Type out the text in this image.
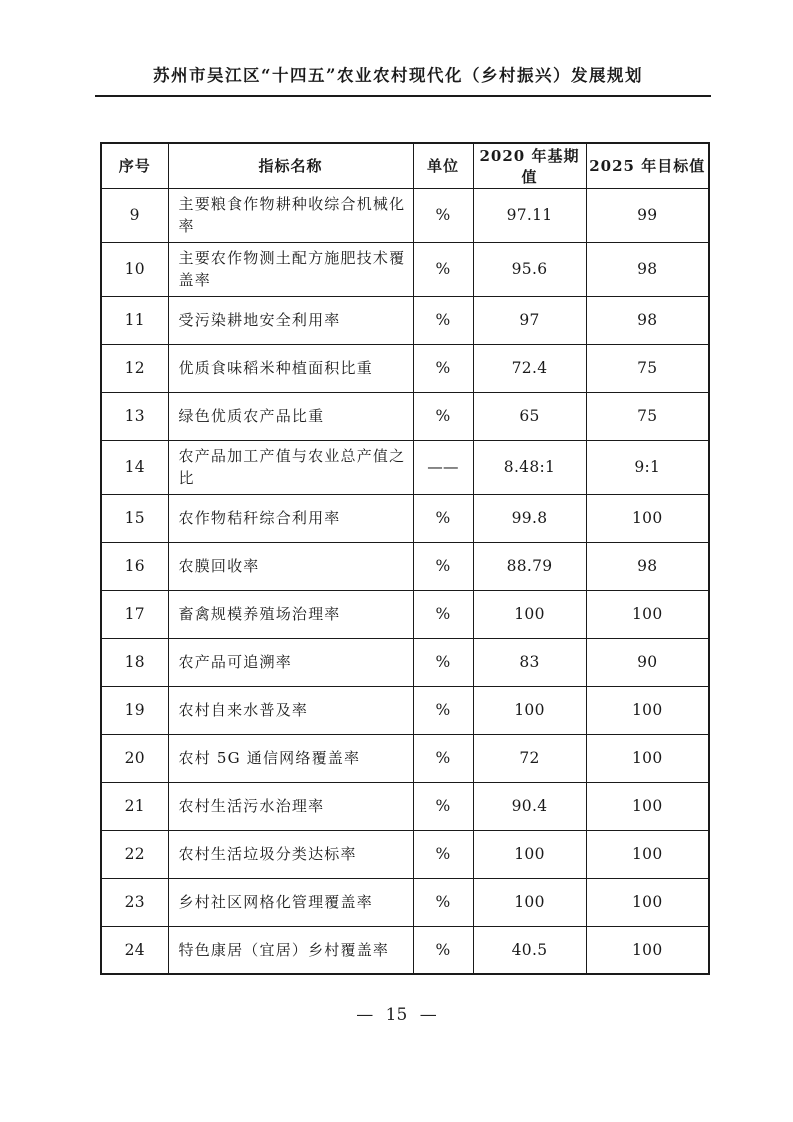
苏州市吴江区“十四五”农业农村现代化（乡村振兴）发展规划
序号	指标名称	单位	2020 年基期值	2025 年目标值
9	主要粮食作物耕种收综合机械化率	%	97.11	99
10	主要农作物测土配方施肥技术覆盖率	%	95.6	98
11	受污染耕地安全利用率	%	97	98
12	优质食味稻米种植面积比重	%	72.4	75
13	绿色优质农产品比重	%	65	75
14	农产品加工产值与农业总产值之比	——	8.48:1	9:1
15	农作物秸秆综合利用率	%	99.8	100
16	农膜回收率	%	88.79	98
17	畜禽规模养殖场治理率	%	100	100
18	农产品可追溯率	%	83	90
19	农村自来水普及率	%	100	100
20	农村 5G 通信网络覆盖率	%	72	100
21	农村生活污水治理率	%	90.4	100
22	农村生活垃圾分类达标率	%	100	100
23	乡村社区网格化管理覆盖率	%	100	100
24	特色康居（宜居）乡村覆盖率	%	40.5	100
— 15 —
